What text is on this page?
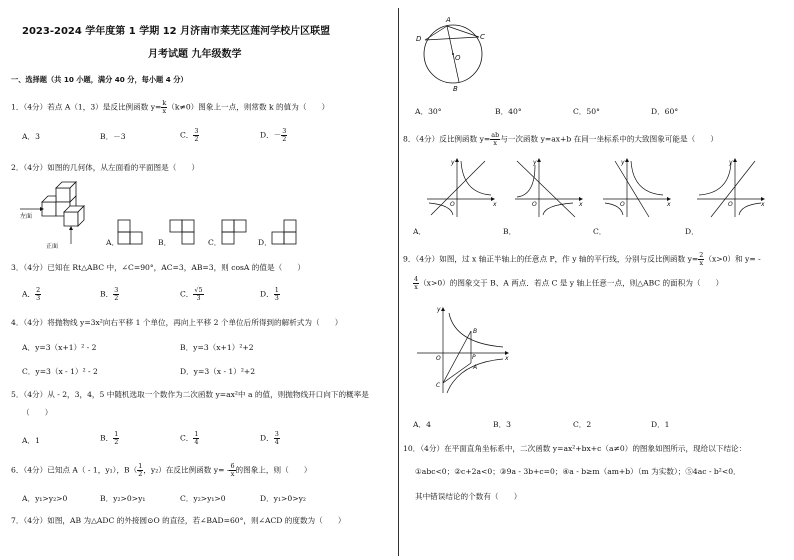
2023-2024 学年度第 1 学期 12 月济南市莱芜区莲河学校片区联盟
月考试题 九年级数学
一、选择题（共 10 小题，满分 40 分，每小题 4 分）
1．（4分）若点 A（1，3）是反比例函数 $y= \frac{k}{x} (k\ne 0)$图象上一点，则常数 k 的值为（　　）
A．3	B．－3	C． $\frac{3}{2}$	D．－ $\frac{3}{2}$
2．（4分）如图的几何体，从左面看的平面图是（　　）
左面
正面	A．	B．	C．	D．
3．（4分）已知在 Rt△ABC 中，∠C=90°，AC=3，AB=3，则 cosA 的值是（　　）
A． $\frac{2}{3}$	B． $\frac{3}{2}$	C． $\frac{√5}{3}$	D． $\frac{1}{3}$
4．（4分）将抛物线 y=3x²向右平移 1 个单位，再向上平移 2 个单位后所得到的解析式为（　　）
A．y=3（x+1）² - 2	B．y=3（x+1）²+2
C．y=3（x - 1）² - 2	D．y=3（x - 1）²+2
5．（4分）从 - 2，3，4，5 中随机选取一个数作为二次函数 y=ax²中 a 的值，则抛物线开口向下的概率是
（　　）
A．1	B． $\frac{1}{2}$	C． $\frac{1}{4}$	D． $\frac{3}{4}$
6．（4分）已知点 A（ - 1，y₁），$B( \frac{1}{2}$ ，y₂）在反比例函数 $y= - \frac{6}{x}$ 的图象上，则（　　）
A．y₁>y₂>0	B．y₂>0>y₁	C．y₂>y₁>0	D．y₁>0>y₂
7．（4分）如图，AB 为△ADC 的外接圆⊙O 的直径，若∠BAD=60°，则∠ACD 的度数为（　　）
A
C
D
O
B
A．30°	B．40°	C．50°	D．60°
8．（4分）反比例函数 $y= \frac{ab}{x}$ 与一次函数 y=ax+b 在同一坐标系中的大致图象可能是（　　）
y
x
O
y
x
O
y
x
O
y
x
O
A．	B．	C．	D．
9．（4分）如图，过 x 轴正半轴上的任意点 P，作 y 轴的平行线，分别与反比例函数 $y= \frac{2}{x} (x>0)$和 y= -
$\frac{4}{x} (x>0)$的图象交于 B、A 两点．若点 C 是 y 轴上任意一点，则△ABC 的面积为（　　）
y
B
O	P	x
A
C
A．4	B．3	C．2	D．1
10．（4分）在平面直角坐标系中，二次函数 y=ax²+bx+c（a≠0）的图象如图所示，现给以下结论：
①abc<0；②c+2a<0；③9a - 3b+c=0；④a - b≥m（am+b）（m 为实数）；⑤4ac - b²<0．
其中错误结论的个数有（　　）
